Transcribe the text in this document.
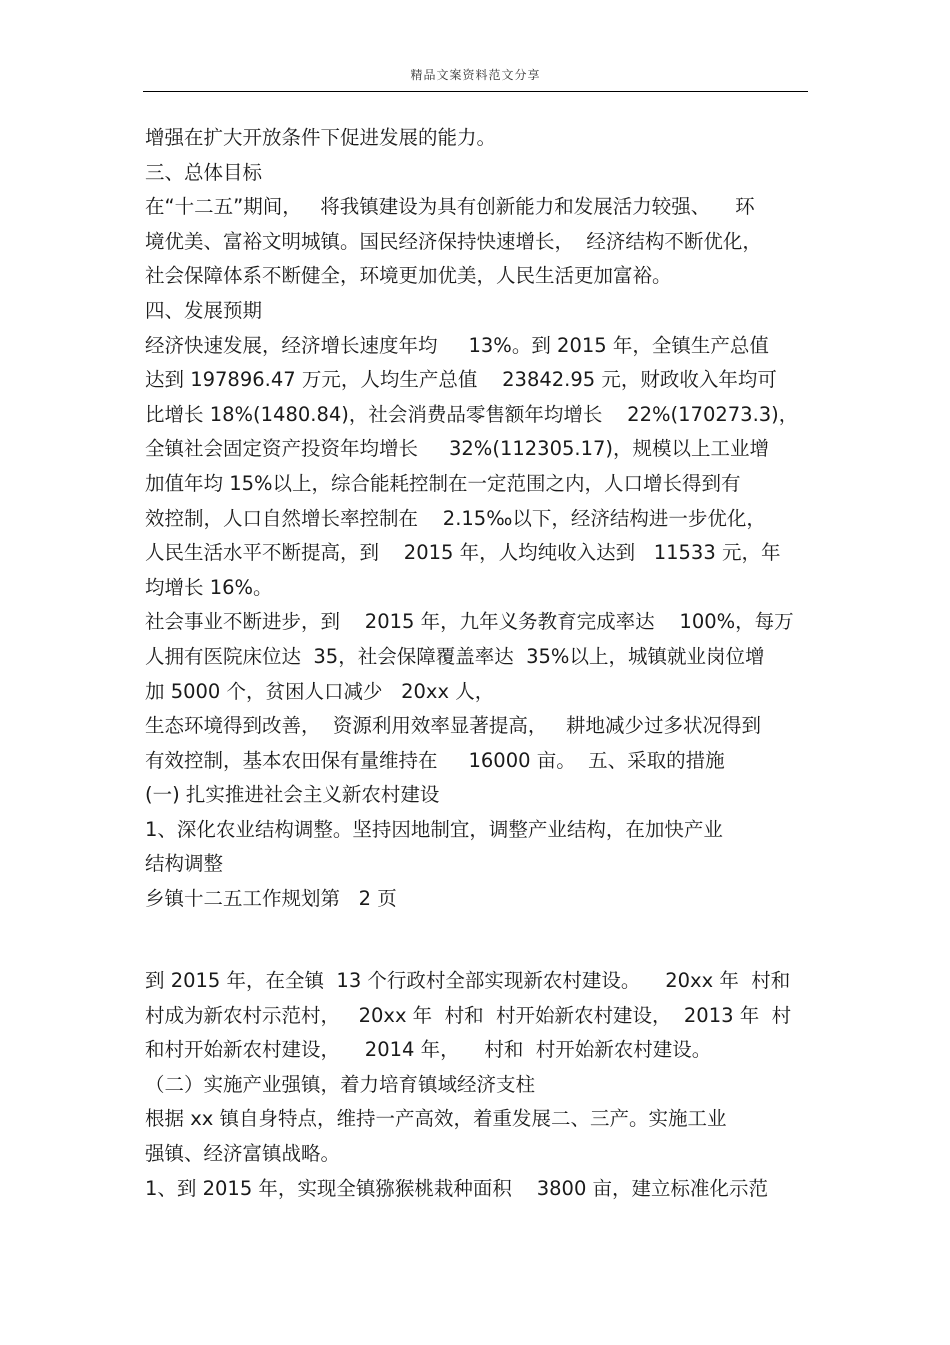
精品文案资料范文分享
增强在扩大开放条件下促进发展的能力。
三、总体目标
在“十二五”期间，   将我镇建设为具有创新能力和发展活力较强、    环
境优美、富裕文明城镇。国民经济保持快速增长，  经济结构不断优化，
社会保障体系不断健全，环境更加优美，人民生活更加富裕。
四、发展预期
经济快速发展，经济增长速度年均     13%。到 2015 年，全镇生产总值
达到 197896.47 万元，人均生产总值    23842.95 元，财政收入年均可
比增长 18%(1480.84)，社会消费品零售额年均增长    22%(170273.3)，
全镇社会固定资产投资年均增长     32%(112305.17)，规模以上工业增
加值年均 15%以上，综合能耗控制在一定范围之内，人口增长得到有
效控制，人口自然增长率控制在    2.15‰以下，经济结构进一步优化，
人民生活水平不断提高，到    2015 年，人均纯收入达到   11533 元，年
均增长 16%。
社会事业不断进步，到    2015 年，九年义务教育完成率达    100%，每万
人拥有医院床位达  35，社会保障覆盖率达  35%以上，城镇就业岗位增
加 5000 个，贫困人口减少   20xx 人，
生态环境得到改善，  资源利用效率显著提高，   耕地减少过多状况得到
有效控制，基本农田保有量维持在     16000 亩。  五、采取的措施
(一) 扎实推进社会主义新农村建设
1、深化农业结构调整。坚持因地制宜，调整产业结构，在加快产业
结构调整
乡镇十二五工作规划第   2 页
到 2015 年，在全镇  13 个行政村全部实现新农村建设。    20xx 年  村和
村成为新农村示范村，   20xx 年  村和  村开始新农村建设，  2013 年  村
和村开始新农村建设，    2014 年，    村和  村开始新农村建设。
（二）实施产业强镇，着力培育镇域经济支柱
根据 xx 镇自身特点，维持一产高效，着重发展二、三产。实施工业
强镇、经济富镇战略。
1、到 2015 年，实现全镇猕猴桃栽种面积    3800 亩，建立标准化示范
